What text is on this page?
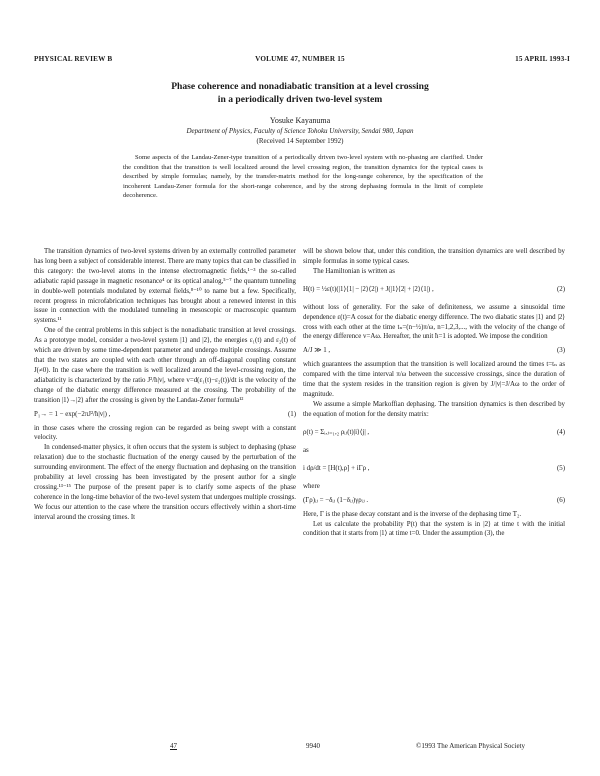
PHYSICAL REVIEW B	VOLUME 47, NUMBER 15	15 APRIL 1993-I
Phase coherence and nonadiabatic transition at a level crossing
in a periodically driven two-level system
Yosuke Kayanuma
Department of Physics, Faculty of Science Tohoku University, Sendai 980, Japan
(Received 14 September 1992)
Some aspects of the Landau-Zener-type transition of a periodically driven two-level system with no-phasing are clarified. Under the condition that the transition is well localized around the level crossing region, the transition dynamics for the typical cases is described by simple formulas; namely, by the transfer-matrix method for the long-range coherence, by the specification of the incoherent Landau-Zener formula for the short-range coherence, and by the strong dephasing formula in the limit of complete decoherence.

The transition dynamics of two-level systems driven by an externally controlled parameter has long been a subject of considerable interest. There are many topics that can be classified in this category: the two-level atoms in the intense electromagnetic fields,¹⁻³ the so-called adiabatic rapid passage in magnetic resonance⁴ or its optical analog,⁵⁻⁷ the quantum tunneling in double-well potentials modulated by external fields,⁸⁻¹⁰ to name but a few. Specifically, recent progress in microfabrication techniques has brought about a renewed interest in this issue in connection with the modulated tunneling in mesoscopic or macroscopic quantum systems.¹¹

One of the central problems in this subject is the nonadiabatic transition at level crossings. As a prototype model, consider a two-level system |1⟩ and |2⟩, the energies ε₁(t) and ε₂(t) of which are driven by some time-dependent parameter and undergo multiple crossings. Assume that the two states are coupled with each other through an off-diagonal coupling constant J(≠0). In the case where the transition is well localized around the level-crossing region, the adiabaticity is characterized by the ratio J²/ħ|v|, where v=d(ε₁(t)−ε₂(t))/dt is the velocity of the change of the diabatic energy difference measured at the crossing. The probability of the transition |1⟩→|2⟩ after the crossing is given by the Landau-Zener formula¹²

P₁→ = 1 − exp(−2πJ²/ħ|v|) ,	(1)

in those cases where the crossing region can be regarded as being swept with a constant velocity.

In condensed-matter physics, it often occurs that the system is subject to dephasing (phase relaxation) due to the stochastic fluctuation of the energy caused by the perturbation of the surrounding environment. The effect of the energy fluctuation and dephasing on the transition probability at level crossing has been investigated by the present author for a single crossing.¹³⁻¹⁵ The purpose of the present paper is to clarify some aspects of the phase coherence in the long-time behavior of the two-level system that undergoes multiple crossings. We focus our attention to the case where the transition occurs effectively within a short-time interval around the crossing times. It

will be shown below that, under this condition, the transition dynamics are well described by simple formulas in some typical cases.

The Hamiltonian is written as

H(t) = ½ε(t)(|1⟩⟨1| − |2⟩⟨2|) + J(|1⟩⟨2| + |2⟩⟨1|) ,	(2)

without loss of generality. For the sake of definiteness, we assume a sinusoidal time dependence ε(t)=A cosωt for the diabatic energy difference. The two diabatic states |1⟩ and |2⟩ cross with each other at the time tₙ=(n−½)π/ω, n=1,2,3,..., with the velocity of the change of the energy difference v=Aω. Hereafter, the unit ħ=1 is adopted. We impose the condition

A/J ≫ 1 ,	(3)

which guarantees the assumption that the transition is well localized around the times t=tₙ as compared with the time interval π/ω between the successive crossings, since the duration of time that the system resides in the transition region is given by J/|v|=J/Aω to the order of magnitude.

We assume a simple Markoffian dephasing. The transition dynamics is then described by the equation of motion for the density matrix:

ρ(t) = Σᵢ,ⱼ₌₁,₂ ρᵢⱼ(t)|i⟩⟨j| ,	(4)

as

i dρ/dt = [H(t),ρ] + iΓρ ,	(5)

where

(Γρ)ᵢⱼ = −δᵢⱼ (1−δᵢⱼ)γρᵢⱼ .	(6)

Here, Γ is the phase decay constant and is the inverse of the dephasing time T₂.

Let us calculate the probability P(t) that the system is in |2⟩ at time t with the initial condition that it starts from |1⟩ at time t=0. Under the assumption (3), the

47	9940	©1993 The American Physical Society
